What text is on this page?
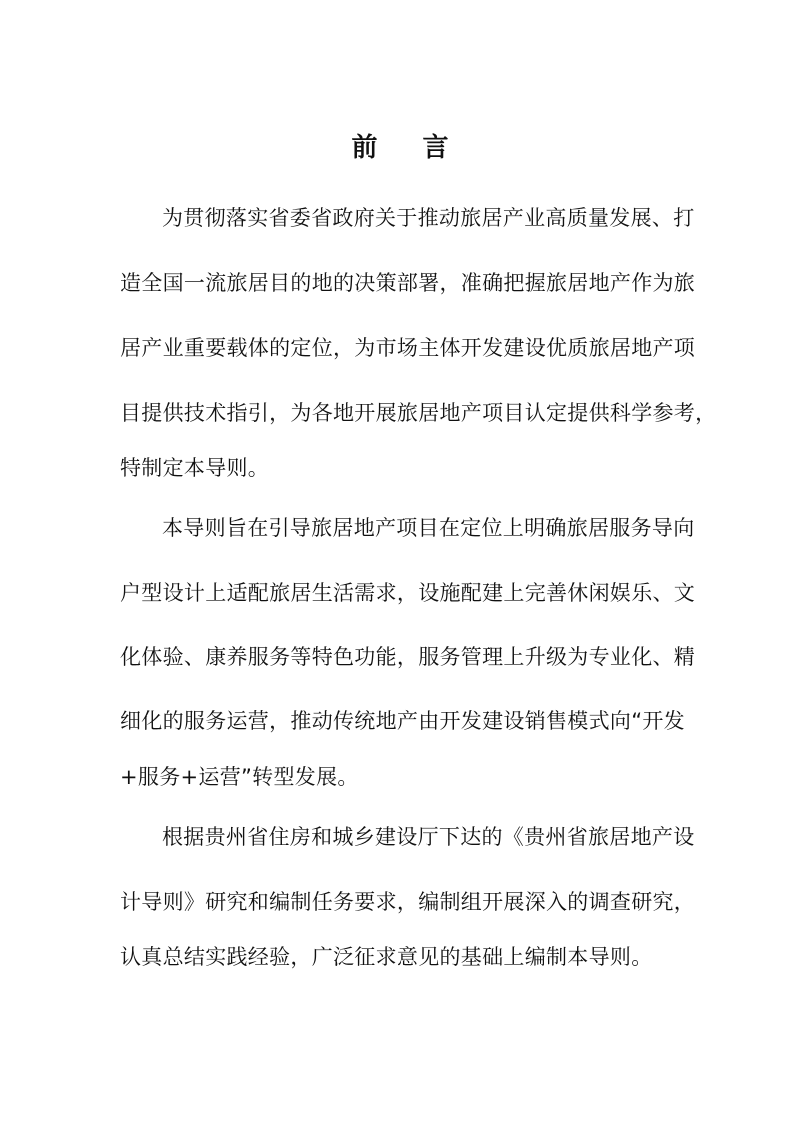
前 言
为贯彻落实省委省政府关于推动旅居产业高质量发展、打
造全国一流旅居目的地的决策部署，准确把握旅居地产作为旅
居产业重要载体的定位，为市场主体开发建设优质旅居地产项
目提供技术指引，为各地开展旅居地产项目认定提供科学参考，
特制定本导则。
本导则旨在引导旅居地产项目在定位上明确旅居服务导向
户型设计上适配旅居生活需求，设施配建上完善休闲娱乐、文
化体验、康养服务等特色功能，服务管理上升级为专业化、精
细化的服务运营，推动传统地产由开发建设销售模式向“开发
+服务+运营”转型发展。
根据贵州省住房和城乡建设厅下达的《贵州省旅居地产设
计导则》研究和编制任务要求，编制组开展深入的调查研究，
认真总结实践经验，广泛征求意见的基础上编制本导则。
